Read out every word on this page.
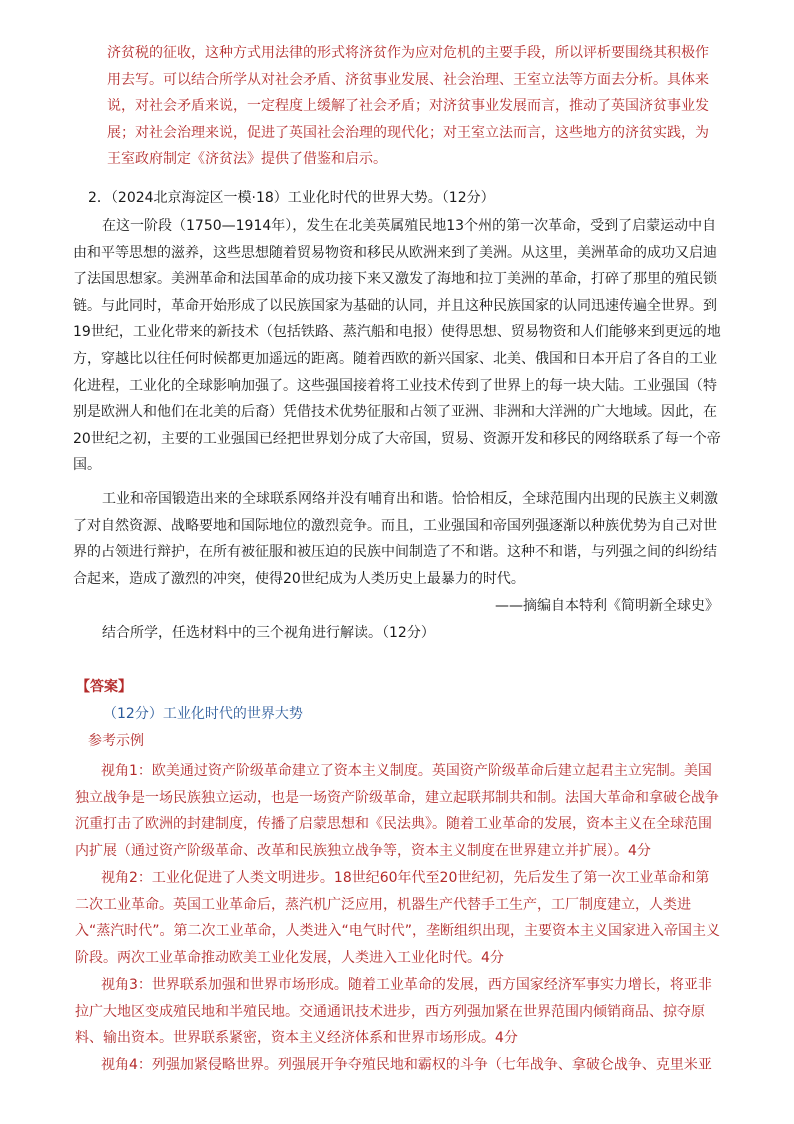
济贫税的征收，这种方式用法律的形式将济贫作为应对危机的主要手段，所以评析要围绕其积极作用去写。可以结合所学从对社会矛盾、济贫事业发展、社会治理、王室立法等方面去分析。具体来说，对社会矛盾来说，一定程度上缓解了社会矛盾；对济贫事业发展而言，推动了英国济贫事业发展；对社会治理来说，促进了英国社会治理的现代化；对王室立法而言，这些地方的济贫实践，为王室政府制定《济贫法》提供了借鉴和启示。

2．（2024北京海淀区一模·18）工业化时代的世界大势。（12分）

在这一阶段（1750—1914年），发生在北美英属殖民地13个州的第一次革命，受到了启蒙运动中自由和平等思想的滋养，这些思想随着贸易物资和移民从欧洲来到了美洲。从这里，美洲革命的成功又启迪了法国思想家。美洲革命和法国革命的成功接下来又激发了海地和拉丁美洲的革命，打碎了那里的殖民锁链。与此同时，革命开始形成了以民族国家为基础的认同，并且这种民族国家的认同迅速传遍全世界。到19世纪，工业化带来的新技术（包括铁路、蒸汽船和电报）使得思想、贸易物资和人们能够来到更远的地方，穿越比以往任何时候都更加遥远的距离。随着西欧的新兴国家、北美、俄国和日本开启了各自的工业化进程，工业化的全球影响加强了。这些强国接着将工业技术传到了世界上的每一块大陆。工业强国（特别是欧洲人和他们在北美的后裔）凭借技术优势征服和占领了亚洲、非洲和大洋洲的广大地域。因此，在20世纪之初，主要的工业强国已经把世界划分成了大帝国，贸易、资源开发和移民的网络联系了每一个帝国。

工业和帝国锻造出来的全球联系网络并没有哺育出和谐。恰恰相反，全球范围内出现的民族主义刺激了对自然资源、战略要地和国际地位的激烈竞争。而且，工业强国和帝国列强逐渐以种族优势为自己对世界的占领进行辩护，在所有被征服和被压迫的民族中间制造了不和谐。这种不和谐，与列强之间的纠纷结合起来，造成了激烈的冲突，使得20世纪成为人类历史上最暴力的时代。

——摘编自本特利《简明新全球史》

结合所学，任选材料中的三个视角进行解读。（12分）

【答案】

（12分）工业化时代的世界大势

参考示例

视角1：欧美通过资产阶级革命建立了资本主义制度。英国资产阶级革命后建立起君主立宪制。美国独立战争是一场民族独立运动，也是一场资产阶级革命，建立起联邦制共和制。法国大革命和拿破仑战争沉重打击了欧洲的封建制度，传播了启蒙思想和《民法典》。随着工业革命的发展，资本主义在全球范围内扩展（通过资产阶级革命、改革和民族独立战争等，资本主义制度在世界建立并扩展）。4分

视角2：工业化促进了人类文明进步。18世纪60年代至20世纪初，先后发生了第一次工业革命和第二次工业革命。英国工业革命后，蒸汽机广泛应用，机器生产代替手工生产，工厂制度建立，人类进入“蒸汽时代”。第二次工业革命，人类进入“电气时代”，垄断组织出现，主要资本主义国家进入帝国主义阶段。两次工业革命推动欧美工业化发展，人类进入工业化时代。4分

视角3：世界联系加强和世界市场形成。随着工业革命的发展，西方国家经济军事实力增长，将亚非拉广大地区变成殖民地和半殖民地。交通通讯技术进步，西方列强加紧在世界范围内倾销商品、掠夺原料、输出资本。世界联系紧密，资本主义经济体系和世界市场形成。4分

视角4：列强加紧侵略世界。列强展开争夺殖民地和霸权的斗争（七年战争、拿破仑战争、克里米亚
